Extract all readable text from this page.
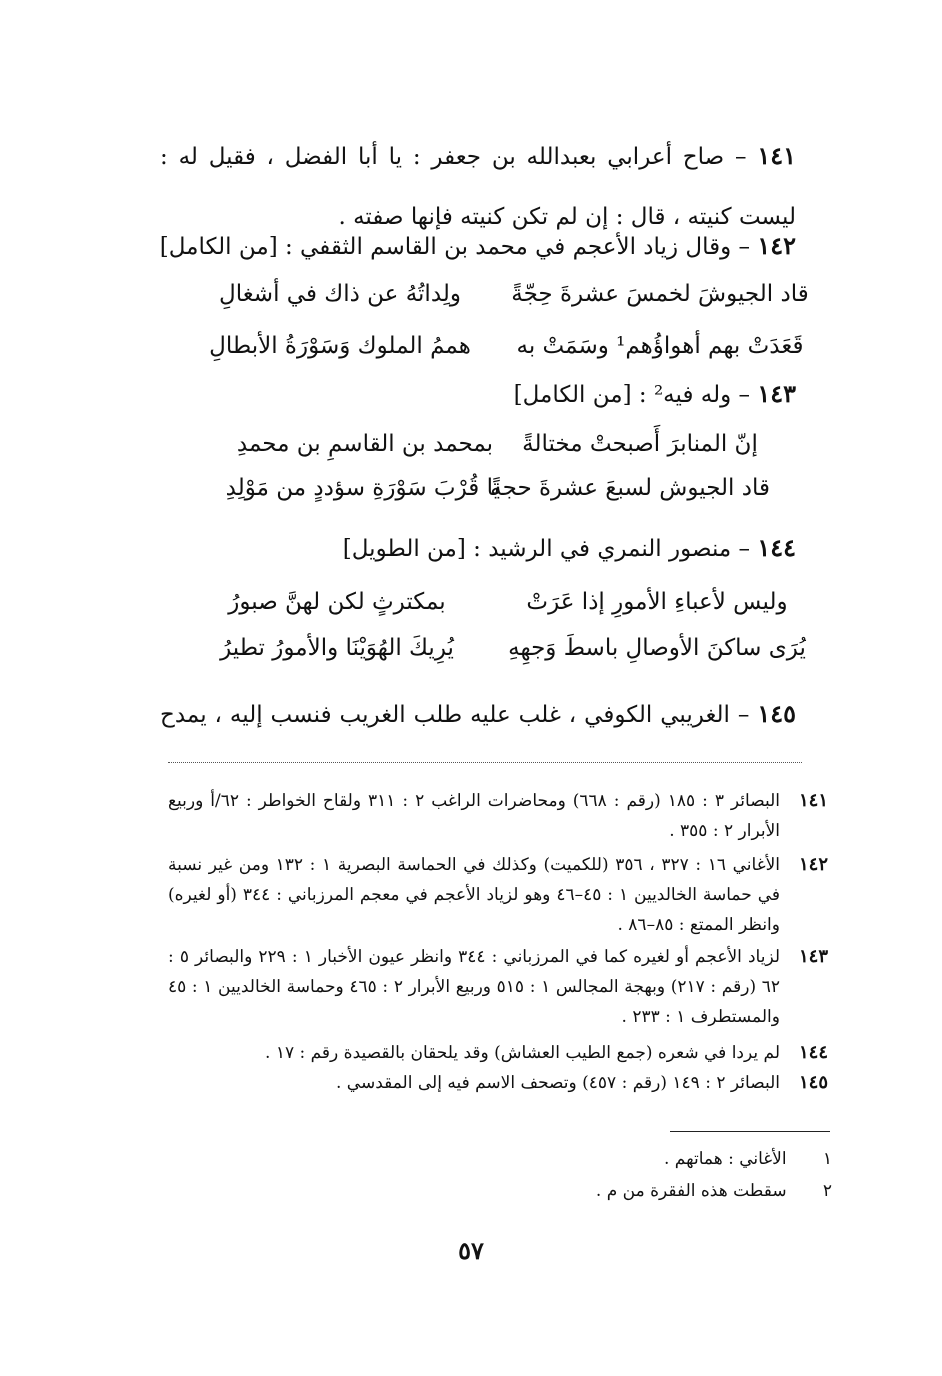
١٤١ – صاح أعرابي بعبدالله بن جعفر : يا أبا الفضل ، فقيل له : ليست كنيته ، قال : إن لم تكن كنيته فإنها صفته .
١٤٢ – وقال زياد الأعجم في محمد بن القاسم الثقفي : [من الكامل]
قاد الجيوشَ لخمسَ عشرةَ حِجّةً
ولِداتُهُ عن ذاك في أشغالِ
قَعَدَتْ بهم أهواؤُهم¹ وسَمَتْ به
هممُ الملوك وَسَوْرَةُ الأبطالِ
١٤٣ – وله فيه² : [من الكامل]
إنّ المنابرَ أَصبحتْ مختالةً
بمحمد بن القاسمِ بن محمدِ
قاد الجيوش لسبعَ عشرةَ حجةً
يا قُرْبَ سَوْرَةِ سؤددٍ من مَوْلِدِ
١٤٤ – منصور النمري في الرشيد : [من الطويل]
وليس لأعباءِ الأمورِ إذا عَرَتْ
بمكترثٍ لكن لهنَّ صبورُ
يُرَى ساكنَ الأوصالِ باسطَ وَجهِهِ
يُرِيكَ الهُوَيْنَا والأمورُ تطيرُ
١٤٥ – الغريبي الكوفي ، غلب عليه طلب الغريب فنسب إليه ، يمدح
١٤١
البصائر ٣ : ١٨٥ (رقم : ٦٦٨) ومحاضرات الراغب ٢ : ٣١١ ولقاح الخواطر : ٦٢/أ وربيع الأبرار ٢ : ٣٥٥ .
١٤٢
الأغاني ١٦ : ٣٢٧ ، ٣٥٦ (للكميت) وكذلك في الحماسة البصرية ١ : ١٣٢ ومن غير نسبة في حماسة الخالديين ١ : ٤٥–٤٦ وهو لزياد الأعجم في معجم المرزباني : ٣٤٤ (أو لغيره) وانظر الممتع : ٨٥–٨٦ .
١٤٣
لزياد الأعجم أو لغيره كما في المرزباني : ٣٤٤ وانظر عيون الأخبار ١ : ٢٢٩ والبصائر ٥ : ٦٢ (رقم : ٢١٧) وبهجة المجالس ١ : ٥١٥ وربيع الأبرار ٢ : ٤٦٥ وحماسة الخالديين ١ : ٤٥ والمستطرف ١ : ٢٣٣ .
١٤٤
لم يردا في شعره (جمع الطيب العشاش) وقد يلحقان بالقصيدة رقم : ١٧ .
١٤٥
البصائر ٢ : ١٤٩ (رقم : ٤٥٧) وتصحف الاسم فيه إلى المقدسي .
١ الأغاني : هماتهم .
٢ سقطت هذه الفقرة من م .
٥٧
